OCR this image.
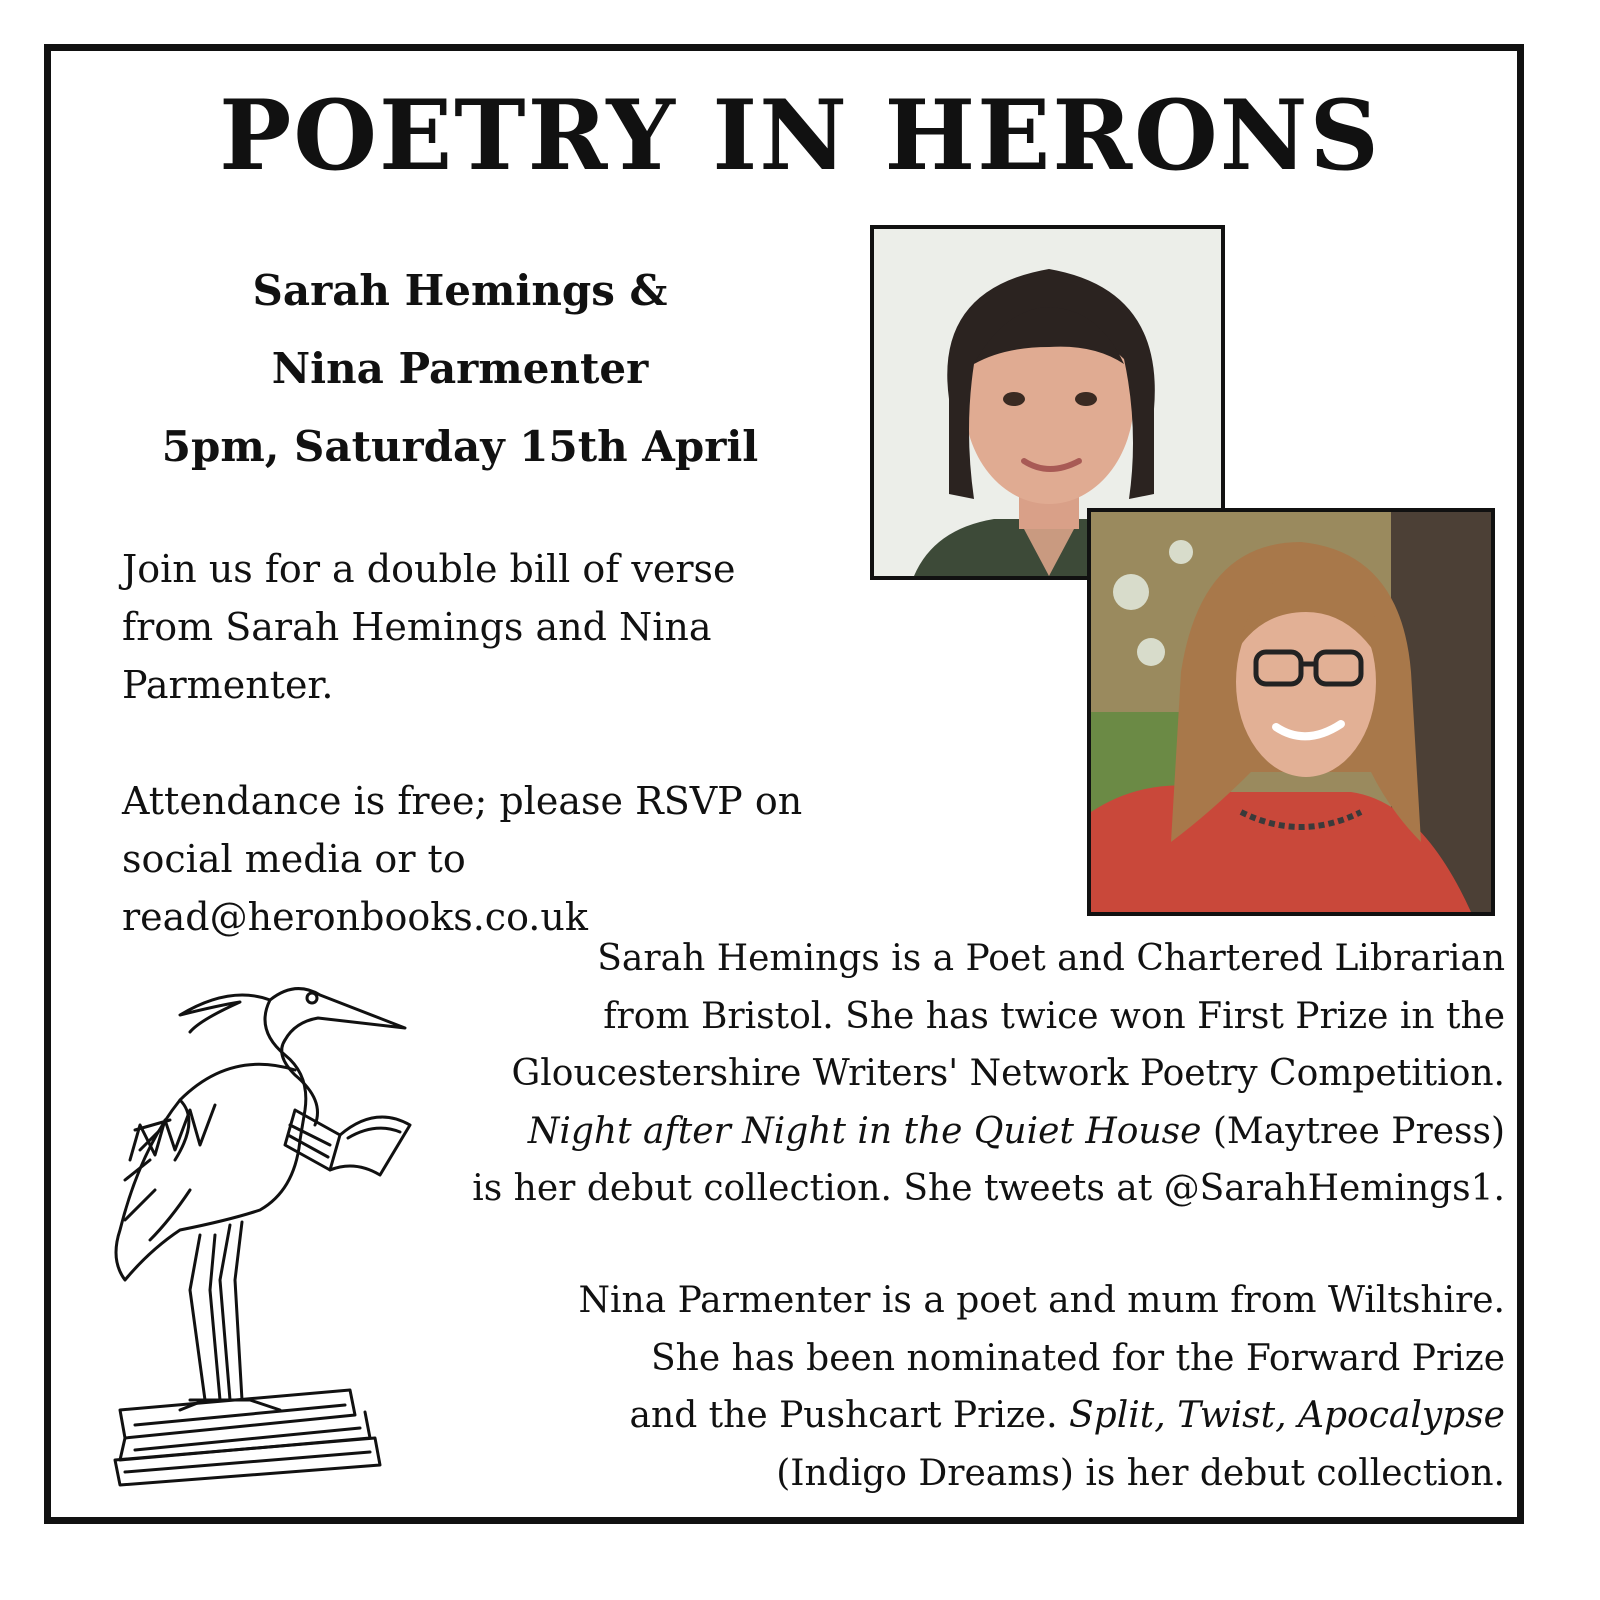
POETRY IN HERONS
Sarah Hemings &
Nina Parmenter
5pm, Saturday 15th April

Join us for a double bill of verse
from Sarah Hemings and Nina
Parmenter.

Attendance is free; please RSVP on
social media or to read@heronbooks.co.uk

Sarah Hemings is a Poet and Chartered Librarian
from Bristol. She has twice won First Prize in the
Gloucestershire Writers' Network Poetry Competition.
Night after Night in the Quiet House (Maytree Press)
is her debut collection. She tweets at @SarahHemings1.
Nina Parmenter is a poet and mum from Wiltshire.
She has been nominated for the Forward Prize
and the Pushcart Prize. Split, Twist, Apocalypse
(Indigo Dreams) is her debut collection.
